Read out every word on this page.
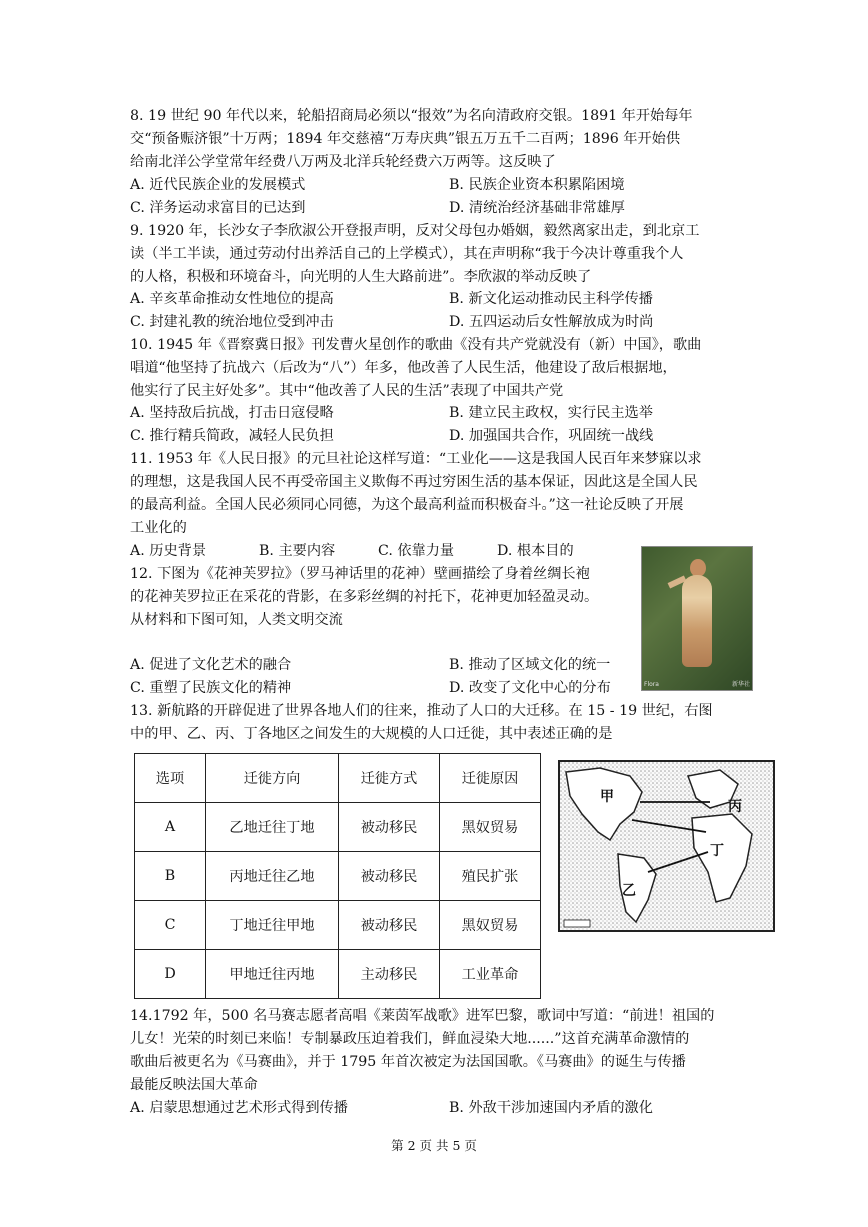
8. 19 世纪 90 年代以来，轮船招商局必须以“报效”为名向清政府交银。1891 年开始每年
交“预备赈济银”十万两；1894 年交慈禧“万寿庆典”银五万五千二百两；1896 年开始供
给南北洋公学堂常年经费八万两及北洋兵轮经费六万两等。这反映了
A. 近代民族企业的发展模式	B. 民族企业资本积累陷困境
C. 洋务运动求富目的已达到	D. 清统治经济基础非常雄厚
9. 1920 年，长沙女子李欣淑公开登报声明，反对父母包办婚姻，毅然离家出走，到北京工
读（半工半读，通过劳动付出养活自己的上学模式），其在声明称“我于今决计尊重我个人
的人格，积极和环境奋斗，向光明的人生大路前进”。李欣淑的举动反映了
A. 辛亥革命推动女性地位的提高	B. 新文化运动推动民主科学传播
C. 封建礼教的统治地位受到冲击	D. 五四运动后女性解放成为时尚
10. 1945 年《晋察冀日报》刊发曹火星创作的歌曲《没有共产党就没有（新）中国》，歌曲
唱道“他坚持了抗战六（后改为“八”）年多，他改善了人民生活，他建设了敌后根据地，
他实行了民主好处多”。其中“他改善了人民的生活”表现了中国共产党
A. 坚持敌后抗战，打击日寇侵略	B. 建立民主政权，实行民主选举
C. 推行精兵简政，减轻人民负担	D. 加强国共合作，巩固统一战线
11. 1953 年《人民日报》的元旦社论这样写道：“工业化——这是我国人民百年来梦寐以求
的理想，这是我国人民不再受帝国主义欺侮不再过穷困生活的基本保证，因此这是全国人民
的最高利益。全国人民必须同心同德，为这个最高利益而积极奋斗。”这一社论反映了开展
工业化的
A. 历史背景	B. 主要内容	C. 依靠力量	D. 根本目的
12. 下图为《花神芙罗拉》（罗马神话里的花神）壁画描绘了身着丝绸长袍
的花神芙罗拉正在采花的背影，在多彩丝绸的衬托下，花神更加轻盈灵动。
从材料和下图可知，人类文明交流
Flora	新华社
A. 促进了文化艺术的融合	B. 推动了区域文化的统一
C. 重塑了民族文化的精神	D. 改变了文化中心的分布
13. 新航路的开辟促进了世界各地人们的往来，推动了人口的大迁移。在 15 - 19 世纪，右图
中的甲、乙、丙、丁各地区之间发生的大规模的人口迁徙，其中表述正确的是
选项	迁徙方向	迁徙方式	迁徙原因
A	乙地迁往丁地	被动移民	黑奴贸易
B	丙地迁往乙地	被动移民	殖民扩张
C	丁地迁往甲地	被动移民	黑奴贸易
D	甲地迁往丙地	主动移民	工业革命
甲
乙
丙
丁
14.1792 年，500 名马赛志愿者高唱《莱茵军战歌》进军巴黎，歌词中写道：“前进！祖国的
儿女！光荣的时刻已来临！专制暴政压迫着我们，鲜血浸染大地......”这首充满革命激情的
歌曲后被更名为《马赛曲》，并于 1795 年首次被定为法国国歌。《马赛曲》的诞生与传播
最能反映法国大革命
A. 启蒙思想通过艺术形式得到传播	B. 外敌干涉加速国内矛盾的激化
第 2 页 共 5 页
